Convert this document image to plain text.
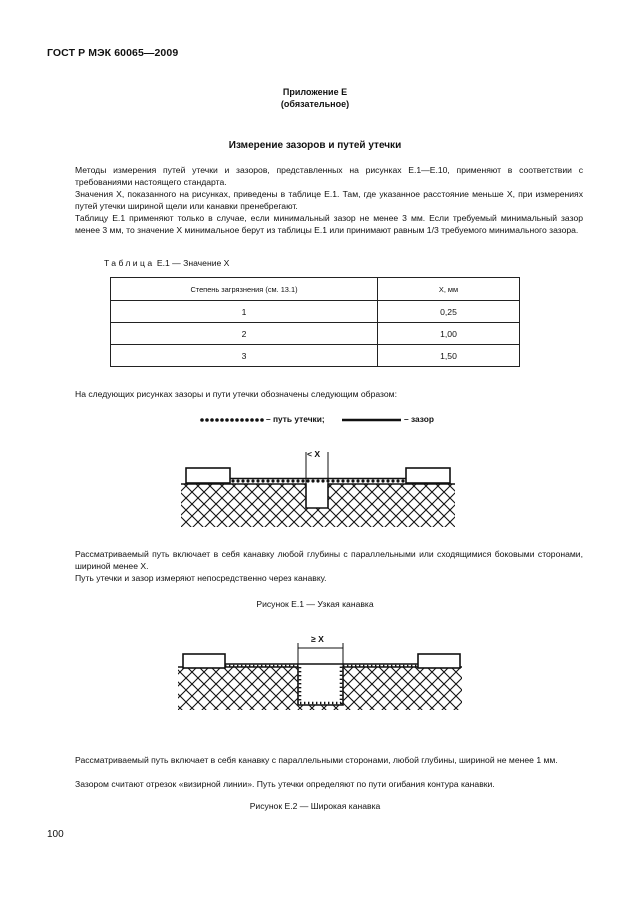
ГОСТ Р МЭК 60065—2009
Приложение Е
(обязательное)
Измерение зазоров и путей утечки
Методы измерения путей утечки и зазоров, представленных на рисунках Е.1—Е.10, применяют в соответствии с требованиями настоящего стандарта.
Значения X, показанного на рисунках, приведены в таблице Е.1. Там, где указанное расстояние меньше X, при измерениях путей утечки шириной щели или канавки пренебрегают.
Таблицу Е.1 применяют только в случае, если минимальный зазор не менее 3 мм. Если требуемый минимальный зазор менее 3 мм, то значение X минимальное берут из таблицы Е.1 или принимают равным 1/3 требуемого минимального зазора.
Таблица Е.1 — Значение X
Степень загрязнения (см. 13.1)	X, мм
1	0,25
2	1,00
3	1,50
На следующих рисунках зазоры и пути утечки обозначены следующим образом:
– путь утечки;	– зазор
< X
≥ X
Рассматриваемый путь включает в себя канавку любой глубины с параллельными или сходящимися боковыми сторонами, шириной менее X.
Путь утечки и зазор измеряют непосредственно через канавку.
Рисунок Е.1 — Узкая канавка
Рассматриваемый путь включает в себя канавку с параллельными сторонами, любой глубины, шириной не менее 1 мм.
Зазором считают отрезок «визирной линии». Путь утечки определяют по пути огибания контура канавки.
Рисунок Е.2 — Широкая канавка
100
